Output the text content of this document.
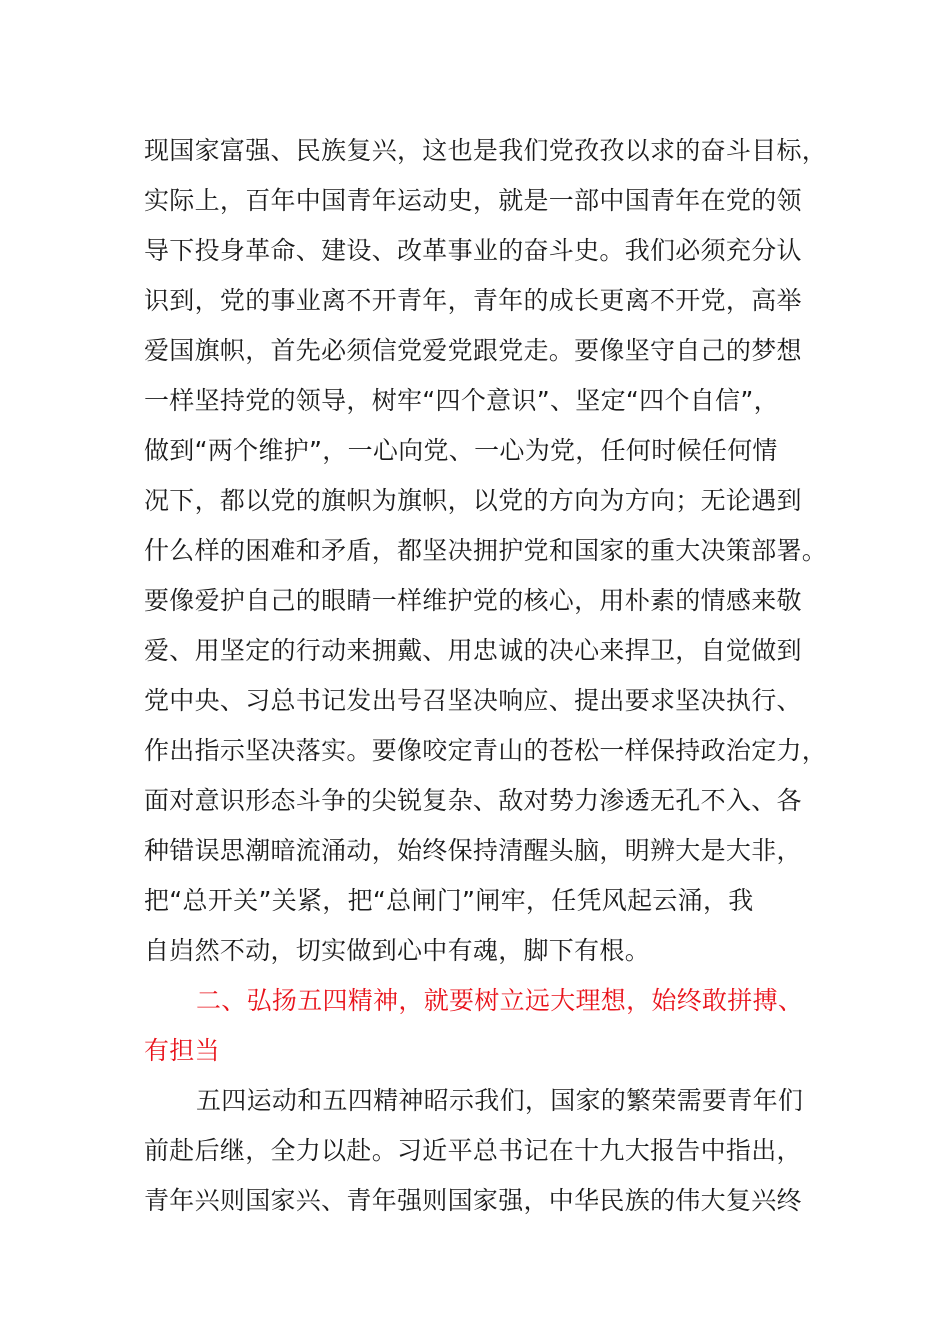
现国家富强、民族复兴，这也是我们党孜孜以求的奋斗目标，
实际上，百年中国青年运动史，就是一部中国青年在党的领
导下投身革命、建设、改革事业的奋斗史。我们必须充分认
识到，党的事业离不开青年，青年的成长更离不开党，高举
爱国旗帜，首先必须信党爱党跟党走。要像坚守自己的梦想
一样坚持党的领导，树牢“四个意识”、坚定“四个自信”，
做到“两个维护”，一心向党、一心为党，任何时候任何情
况下，都以党的旗帜为旗帜，以党的方向为方向；无论遇到
什么样的困难和矛盾，都坚决拥护党和国家的重大决策部署。
要像爱护自己的眼睛一样维护党的核心，用朴素的情感来敬
爱、用坚定的行动来拥戴、用忠诚的决心来捍卫，自觉做到
党中央、习总书记发出号召坚决响应、提出要求坚决执行、
作出指示坚决落实。要像咬定青山的苍松一样保持政治定力，
面对意识形态斗争的尖锐复杂、敌对势力渗透无孔不入、各
种错误思潮暗流涌动，始终保持清醒头脑，明辨大是大非，
把“总开关”关紧，把“总闸门”闸牢，任凭风起云涌，我
自岿然不动，切实做到心中有魂，脚下有根。
二、弘扬五四精神，就要树立远大理想，始终敢拼搏、
有担当
五四运动和五四精神昭示我们，国家的繁荣需要青年们
前赴后继，全力以赴。习近平总书记在十九大报告中指出，
青年兴则国家兴、青年强则国家强，中华民族的伟大复兴终
